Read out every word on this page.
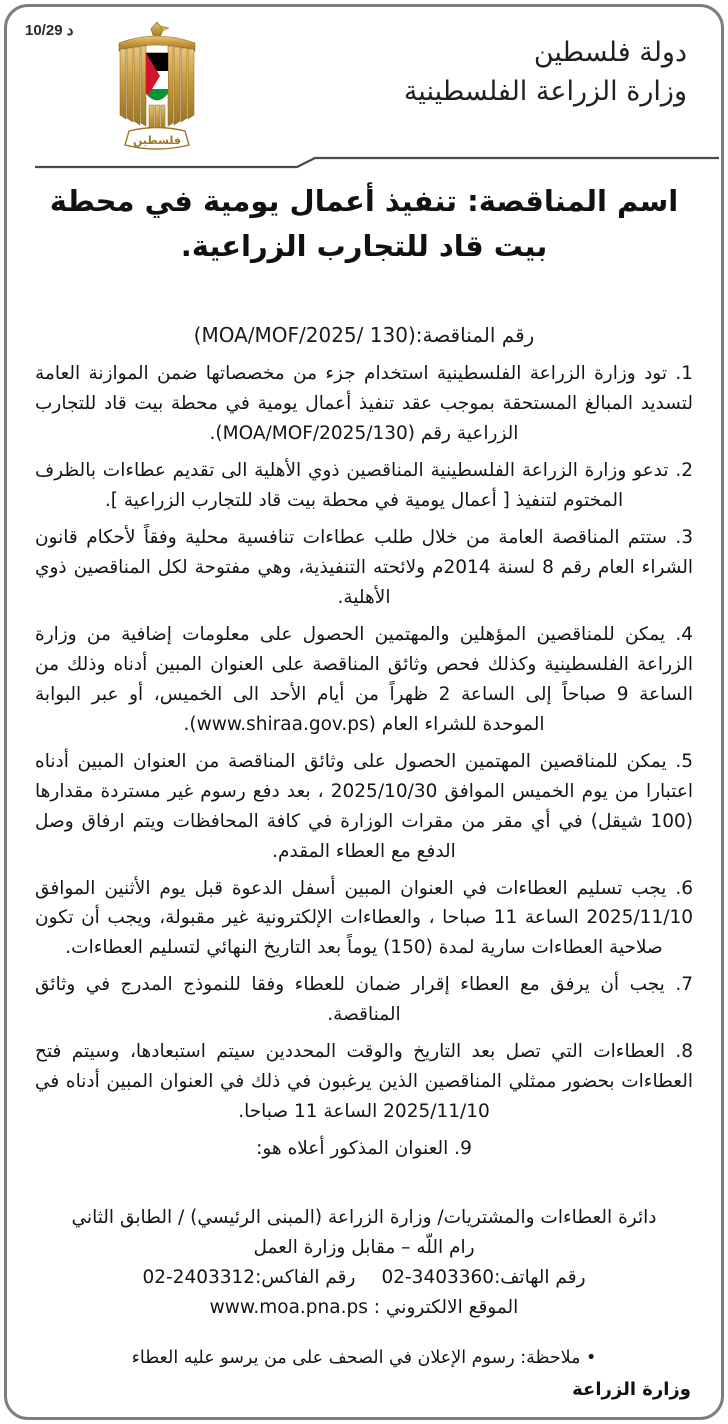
10/29 د
فلسطين
دولة فلسطين
وزارة الزراعة الفلسطينية
اسم المناقصة: تنفيذ أعمال يومية في محطة بيت قاد للتجارب الزراعية.
رقم المناقصة:(MOA/MOF/2025/ 130)

1. تود وزارة الزراعة الفلسطينية استخدام جزء من مخصصاتها ضمن الموازنة العامة لتسديد المبالغ المستحقة بموجب عقد تنفيذ أعمال يومية في محطة بيت قاد للتجارب الزراعية رقم (130/MOA/MOF/2025).

2. تدعو وزارة الزراعة الفلسطينية المناقصين ذوي الأهلية الى تقديم عطاءات بالظرف المختوم لتنفيذ [ أعمال يومية في محطة بيت قاد للتجارب الزراعية ].

3. ستتم المناقصة العامة من خلال طلب عطاءات تنافسية محلية وفقاً لأحكام قانون الشراء العام رقم 8 لسنة 2014م ولائحته التنفيذية، وهي مفتوحة لكل المناقصين ذوي الأهلية.

4. يمكن للمناقصين المؤهلين والمهتمين الحصول على معلومات إضافية من وزارة الزراعة الفلسطينية وكذلك فحص وثائق المناقصة على العنوان المبين أدناه وذلك من الساعة 9 صباحاً إلى الساعة 2 ظهراً من أيام الأحد الى الخميس، أو عبر البوابة الموحدة للشراء العام (www.shiraa.gov.ps).

5. يمكن للمناقصين المهتمين الحصول على وثائق المناقصة من العنوان المبين أدناه اعتبارا من يوم الخميس الموافق 2025/10/30 ، بعد دفع رسوم غير مستردة مقدارها (100 شيقل) في أي مقر من مقرات الوزارة في كافة المحافظات ويتم ارفاق وصل الدفع مع العطاء المقدم.

6. يجب تسليم العطاءات في العنوان المبين أسفل الدعوة قبل يوم الأثنين الموافق 2025/11/10 الساعة 11 صباحا ، والعطاءات الإلكترونية غير مقبولة، ويجب أن تكون صلاحية العطاءات سارية لمدة (150) يوماً بعد التاريخ النهائي لتسليم العطاءات.

7. يجب أن يرفق مع العطاء إقرار ضمان للعطاء وفقا للنموذج المدرج في وثائق المناقصة.

8. العطاءات التي تصل بعد التاريخ والوقت المحددين سيتم استبعادها، وسيتم فتح العطاءات بحضور ممثلي المناقصين الذين يرغبون في ذلك في العنوان المبين أدناه في 2025/11/10 الساعة 11 صباحا.

9. العنوان المذكور أعلاه هو:

دائرة العطاءات والمشتريات/ وزارة الزراعة (المبنى الرئيسي) / الطابق الثاني
رام اللّه – مقابل وزارة العمل
رقم الهاتف:02-3403360رقم الفاكس:02-2403312
الموقع الالكتروني : www.moa.pna.ps
• ملاحظة: رسوم الإعلان في الصحف على من يرسو عليه العطاء
وزارة الزراعة
